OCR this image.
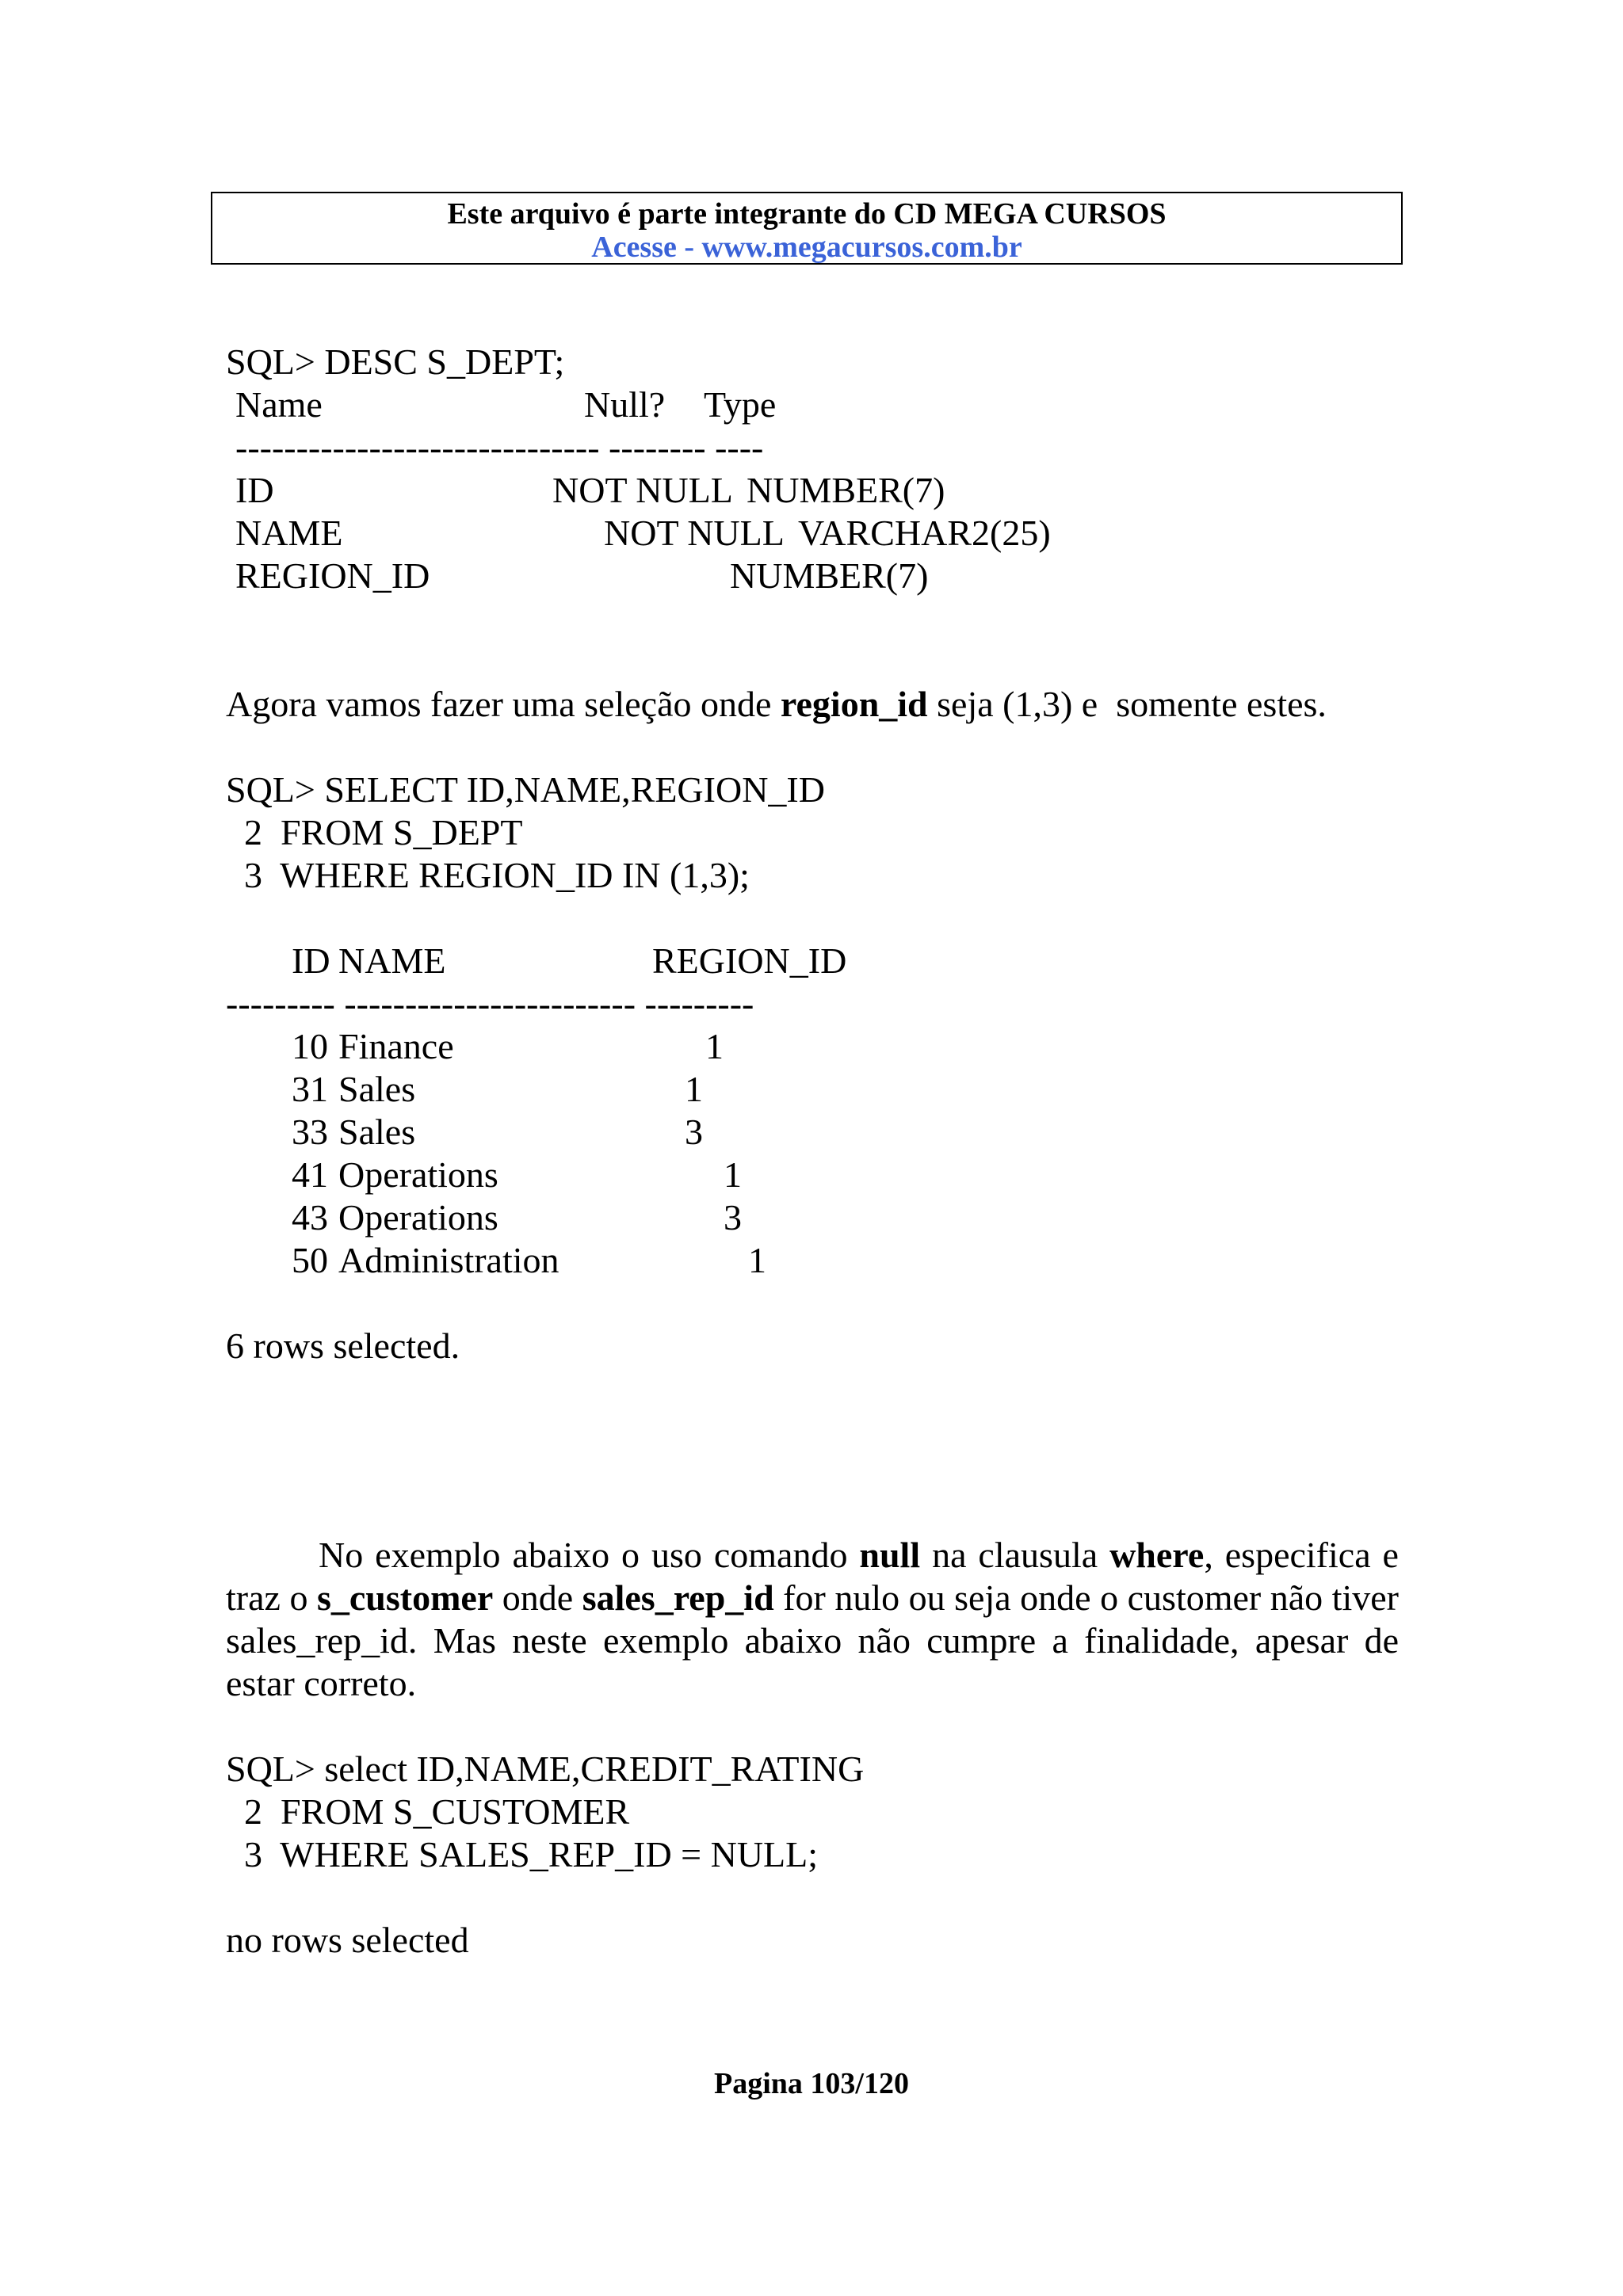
Este arquivo é parte integrante do CD MEGA CURSOS
Acesse - www.megacursos.com.br
SQL> DESC S_DEPT;
Name	Null? Type
------------------------------ -------- ----
ID	NOT NULL NUMBER(7)
NAME	NOT NULL VARCHAR2(25)
REGION_ID	NUMBER(7)
Agora vamos fazer uma seleção onde region_id seja (1,3) e  somente estes.
SQL> SELECT ID,NAME,REGION_ID
2  FROM S_DEPT
3  WHERE REGION_ID IN (1,3);
ID NAME	REGION_ID
--------- ------------------------ ---------
10 Finance	1
31 Sales	1
33 Sales	3
41 Operations	1
43 Operations	3
50 Administration	1
6 rows selected.
No exemplo abaixo o uso comando null na clausula where, especifica e traz o s_customer onde sales_rep_id for nulo ou seja onde o customer não tiver sales_rep_id. Mas neste exemplo abaixo não cumpre a finalidade, apesar de estar correto.
SQL> select ID,NAME,CREDIT_RATING
2  FROM S_CUSTOMER
3  WHERE SALES_REP_ID = NULL;
no rows selected
Pagina 103/120
